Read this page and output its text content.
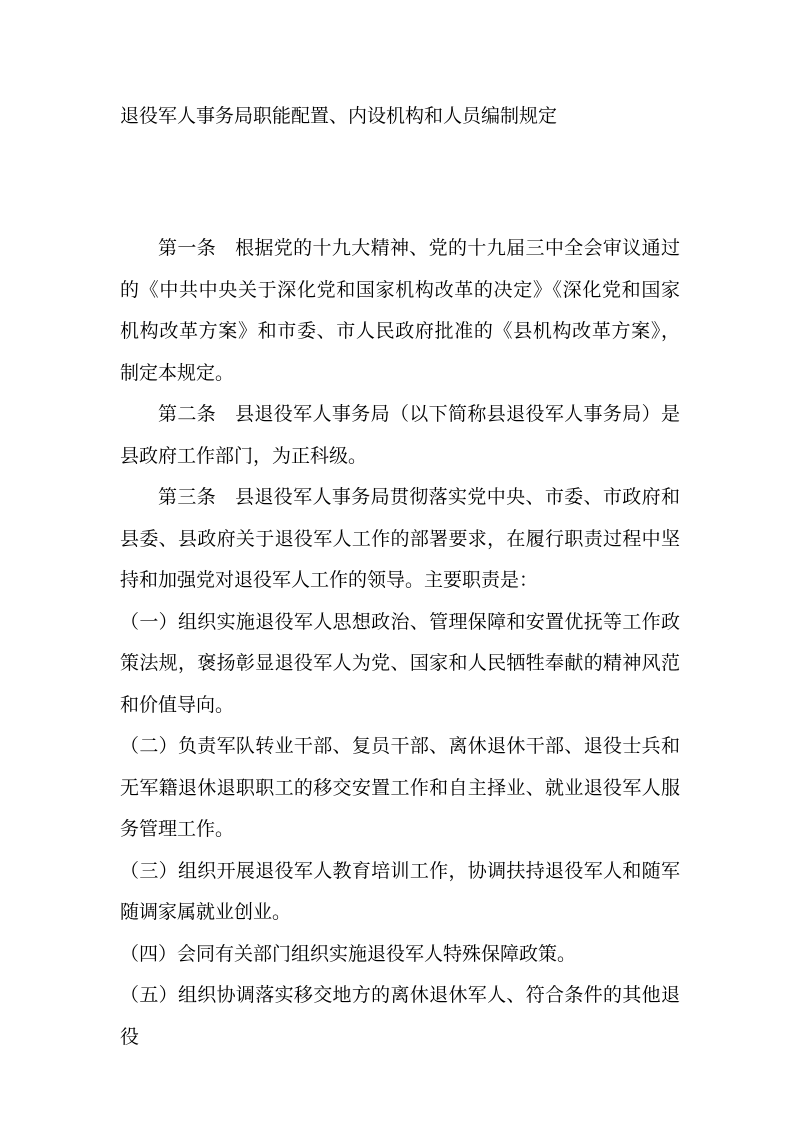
退役军人事务局职能配置、内设机构和人员编制规定

第一条 根据党的十九大精神、党的十九届三中全会审议通过的《中共中央关于深化党和国家机构改革的决定》《深化党和国家机构改革方案》和市委、市人民政府批准的《县机构改革方案》，制定本规定。

第二条 县退役军人事务局（以下简称县退役军人事务局）是县政府工作部门，为正科级。

第三条 县退役军人事务局贯彻落实党中央、市委、市政府和县委、县政府关于退役军人工作的部署要求，在履行职责过程中坚持和加强党对退役军人工作的领导。主要职责是：

（一）组织实施退役军人思想政治、管理保障和安置优抚等工作政策法规，褒扬彰显退役军人为党、国家和人民牺牲奉献的精神风范和价值导向。

（二）负责军队转业干部、复员干部、离休退休干部、退役士兵和无军籍退休退职职工的移交安置工作和自主择业、就业退役军人服务管理工作。

（三）组织开展退役军人教育培训工作，协调扶持退役军人和随军随调家属就业创业。

（四）会同有关部门组织实施退役军人特殊保障政策。

（五）组织协调落实移交地方的离休退休军人、符合条件的其他退役
